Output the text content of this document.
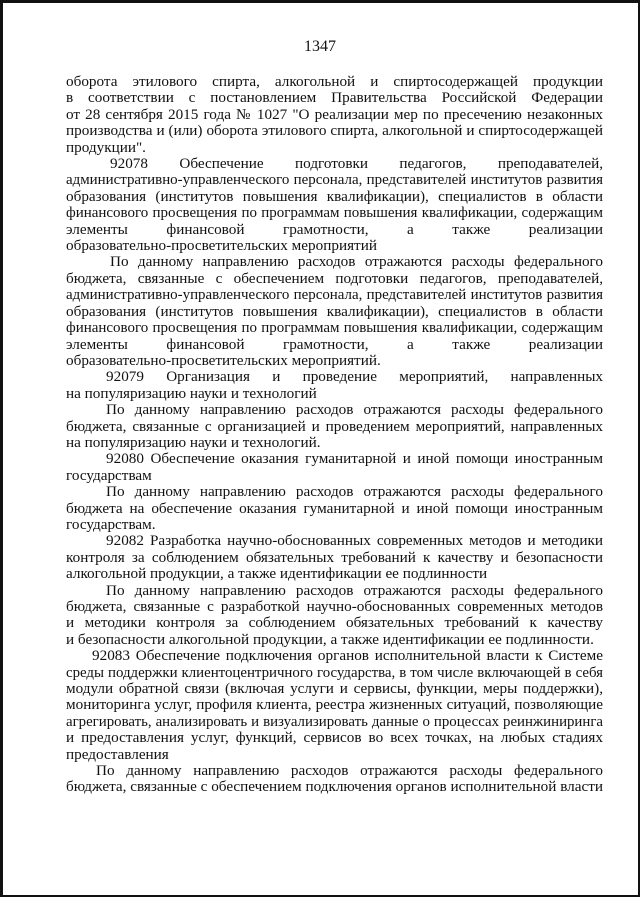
1347

оборота этилового спирта, алкогольной и спиртосодержащей продукции
в соответствии с постановлением Правительства Российской Федерации
от 28 сентября 2015 года № 1027 "О реализации мер по пресечению незаконных
производства и (или) оборота этилового спирта, алкогольной и спиртосодержащей
продукции".

92078 Обеспечение подготовки педагогов, преподавателей,
административно-управленческого персонала, представителей институтов развития
образования (институтов повышения квалификации), специалистов в области
финансового просвещения по программам повышения квалификации, содержащим
элементы финансовой грамотности, а также реализации
образовательно-просветительских мероприятий

По данному направлению расходов отражаются расходы федерального
бюджета, связанные с обеспечением подготовки педагогов, преподавателей,
административно-управленческого персонала, представителей институтов развития
образования (институтов повышения квалификации), специалистов в области
финансового просвещения по программам повышения квалификации, содержащим
элементы финансовой грамотности, а также реализации
образовательно-просветительских мероприятий.

92079 Организация и проведение мероприятий, направленных
на популяризацию науки и технологий

По данному направлению расходов отражаются расходы федерального
бюджета, связанные с организацией и проведением мероприятий, направленных
на популяризацию науки и технологий.

92080 Обеспечение оказания гуманитарной и иной помощи иностранным
государствам

По данному направлению расходов отражаются расходы федерального
бюджета на обеспечение оказания гуманитарной и иной помощи иностранным
государствам.

92082 Разработка научно-обоснованных современных методов и методики
контроля за соблюдением обязательных требований к качеству и безопасности
алкогольной продукции, а также идентификации ее подлинности

По данному направлению расходов отражаются расходы федерального
бюджета, связанные с разработкой научно-обоснованных современных методов
и методики контроля за соблюдением обязательных требований к качеству
и безопасности алкогольной продукции, а также идентификации ее подлинности.

92083 Обеспечение подключения органов исполнительной власти к Системе
среды поддержки клиентоцентричного государства, в том числе включающей в себя
модули обратной связи (включая услуги и сервисы, функции, меры поддержки),
мониторинга услуг, профиля клиента, реестра жизненных ситуаций, позволяющие
агрегировать, анализировать и визуализировать данные о процессах реинжиниринга
и предоставления услуг, функций, сервисов во всех точках, на любых стадиях
предоставления

По данному направлению расходов отражаются расходы федерального
бюджета, связанные с обеспечением подключения органов исполнительной власти
